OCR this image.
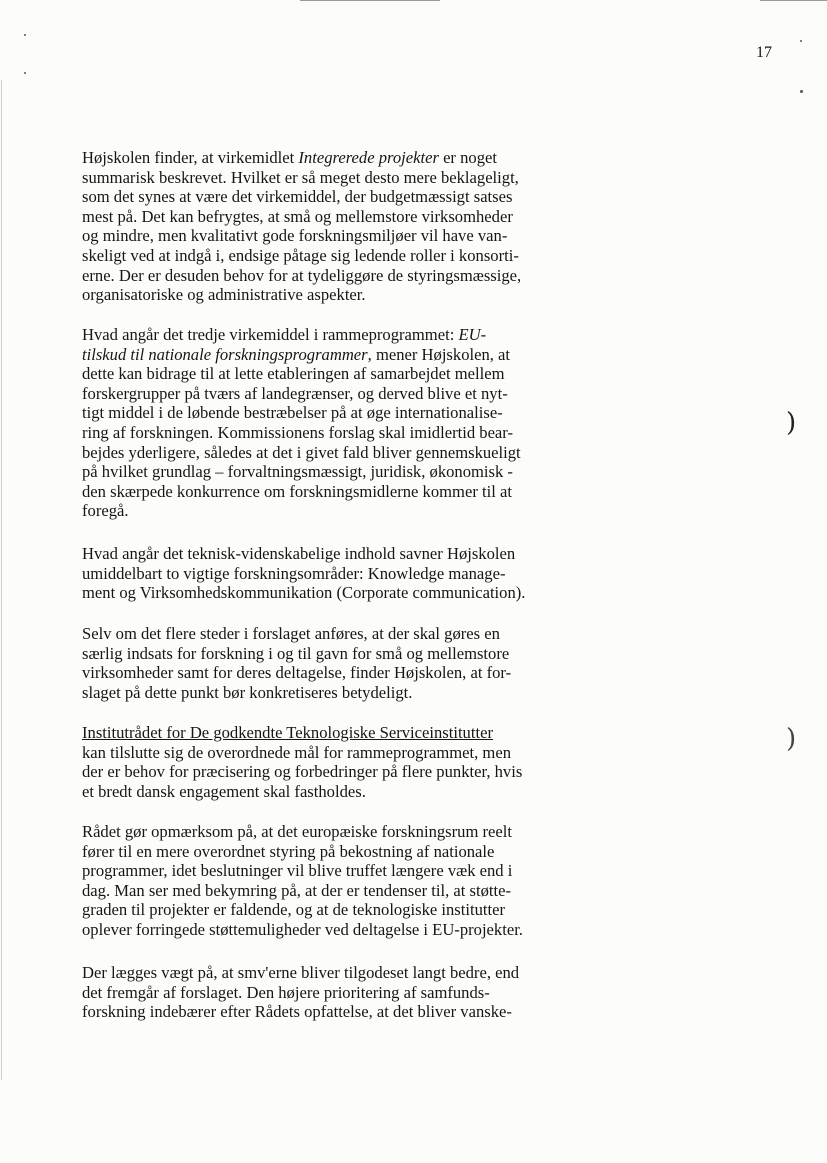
)
)
17
Højskolen finder, at virkemidlet Integrerede projekter er noget
summarisk beskrevet. Hvilket er så meget desto mere beklageligt,
som det synes at være det virkemiddel, der budgetmæssigt satses
mest på. Det kan befrygtes, at små og mellemstore virksomheder
og mindre, men kvalitativt gode forskningsmiljøer vil have van-
skeligt ved at indgå i, endsige påtage sig ledende roller i konsorti-
erne. Der er desuden behov for at tydeliggøre de styringsmæssige,
organisatoriske og administrative aspekter.
Hvad angår det tredje virkemiddel i rammeprogrammet: EU-
tilskud til nationale forskningsprogrammer, mener Højskolen, at
dette kan bidrage til at lette etableringen af samarbejdet mellem
forskergrupper på tværs af landegrænser, og derved blive et nyt-
tigt middel i de løbende bestræbelser på at øge internationalise-
ring af forskningen. Kommissionens forslag skal imidlertid bear-
bejdes yderligere, således at det i givet fald bliver gennemskueligt
på hvilket grundlag – forvaltningsmæssigt, juridisk, økonomisk -
den skærpede konkurrence om forskningsmidlerne kommer til at
foregå.
Hvad angår det teknisk-videnskabelige indhold savner Højskolen
umiddelbart to vigtige forskningsområder: Knowledge manage-
ment og Virksomhedskommunikation (Corporate communication).
Selv om det flere steder i forslaget anføres, at der skal gøres en
særlig indsats for forskning i og til gavn for små og mellemstore
virksomheder samt for deres deltagelse, finder Højskolen, at for-
slaget på dette punkt bør konkretiseres betydeligt.
Institutrådet for De godkendte Teknologiske Serviceinstitutter
kan tilslutte sig de overordnede mål for rammeprogrammet, men
der er behov for præcisering og forbedringer på flere punkter, hvis
et bredt dansk engagement skal fastholdes.
Rådet gør opmærksom på, at det europæiske forskningsrum reelt
fører til en mere overordnet styring på bekostning af nationale
programmer, idet beslutninger vil blive truffet længere væk end i
dag. Man ser med bekymring på, at der er tendenser til, at støtte-
graden til projekter er faldende, og at de teknologiske institutter
oplever forringede støttemuligheder ved deltagelse i EU-projekter.
Der lægges vægt på, at smv'erne bliver tilgodeset langt bedre, end
det fremgår af forslaget. Den højere prioritering af samfunds-
forskning indebærer efter Rådets opfattelse, at det bliver vanske-
